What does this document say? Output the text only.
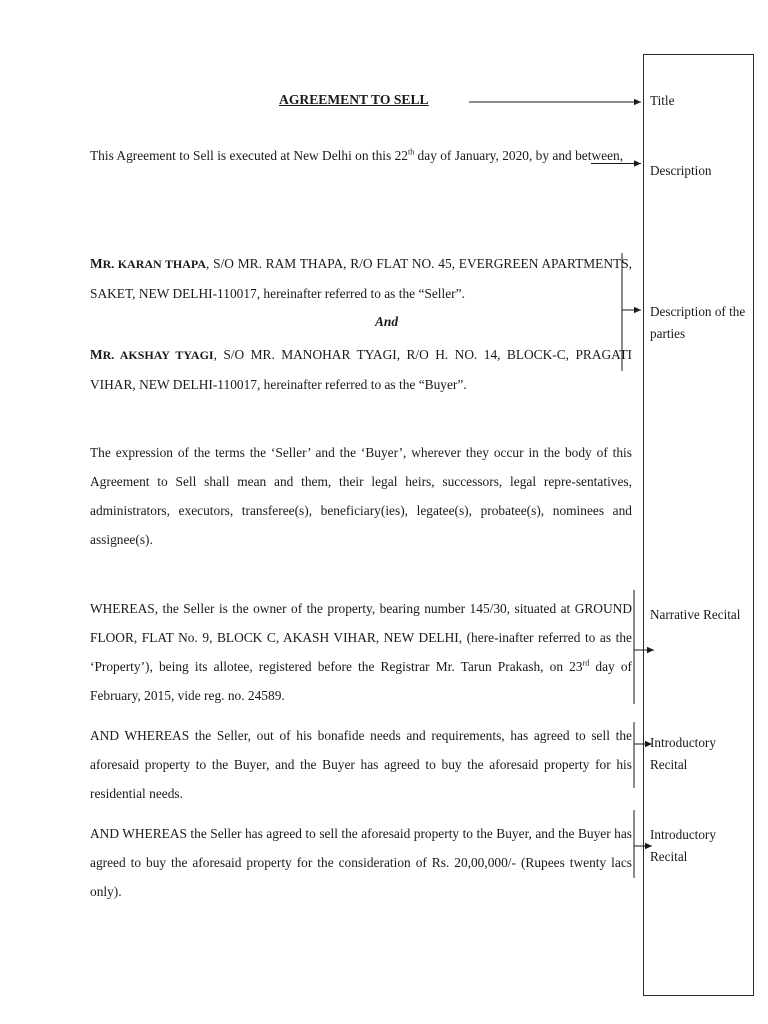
AGREEMENT TO SELL

This Agreement to Sell is executed at New Delhi on this 22th day of January, 2020, by and between,

MR. KARAN THAPA, S/O MR. RAM THAPA, R/O FLAT NO. 45, EVERGREEN APARTMENTS, SAKET, NEW DELHI-110017, hereinafter referred to as the “Seller”.

And

MR. AKSHAY TYAGI, S/O MR. MANOHAR TYAGI, R/O H. NO. 14, BLOCK-C, PRAGATI VIHAR, NEW DELHI-110017, hereinafter referred to as the “Buyer”.

The expression of the terms the ‘Seller’ and the ‘Buyer’, wherever they occur in the body of this Agreement to Sell shall mean and them, their legal heirs, successors, legal repre-sentatives, administrators, executors, transferee(s), beneficiary(ies), legatee(s), probatee(s), nominees and assignee(s).

WHEREAS, the Seller is the owner of the property, bearing number 145/30, situated at GROUND FLOOR, FLAT No. 9, BLOCK C, AKASH VIHAR, NEW DELHI, (here-inafter referred to as the ‘Property’), being its allotee, registered before the Registrar Mr. Tarun Prakash, on 23rd day of February, 2015, vide reg. no. 24589.

AND WHEREAS the Seller, out of his bonafide needs and requirements, has agreed to sell the aforesaid property to the Buyer, and the Buyer has agreed to buy the aforesaid property for his residential needs.

AND WHEREAS the Seller has agreed to sell the aforesaid property to the Buyer, and the Buyer has agreed to buy the aforesaid property for the consideration of Rs. 20,00,000/- (Rupees twenty lacs only).

Title
Description
Description of the parties
Narrative Recital
Introductory Recital
Introductory Recital
